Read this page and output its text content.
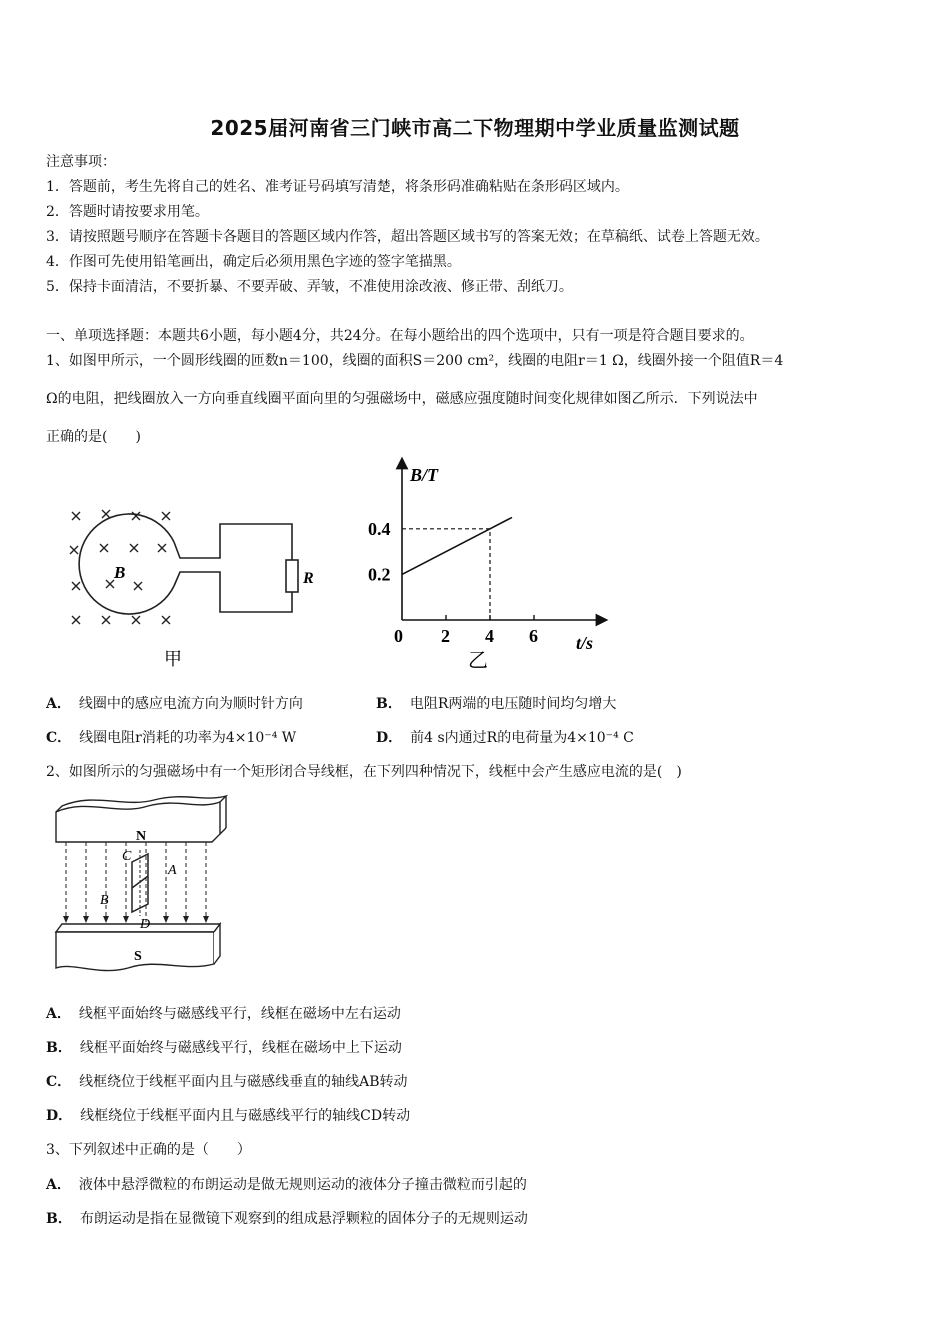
2025届河南省三门峡市高二下物理期中学业质量监测试题
注意事项：
1．答题前，考生先将自己的姓名、准考证号码填写清楚，将条形码准确粘贴在条形码区域内。
2．答题时请按要求用笔。
3．请按照题号顺序在答题卡各题目的答题区域内作答，超出答题区域书写的答案无效；在草稿纸、试卷上答题无效。
4．作图可先使用铅笔画出，确定后必须用黑色字迹的签字笔描黑。
5．保持卡面清洁，不要折暴、不要弄破、弄皱，不准使用涂改液、修正带、刮纸刀。
一、单项选择题：本题共6小题，每小题4分，共24分。在每小题给出的四个选项中，只有一项是符合题目要求的。
1、如图甲所示，一个圆形线圈的匝数n＝100，线圈的面积S＝200 cm²，线圈的电阻r＝1 Ω，线圈外接一个阻值R＝4
Ω的电阻，把线圈放入一方向垂直线圈平面向里的匀强磁场中，磁感应强度随时间变化规律如图乙所示．下列说法中
正确的是(　　)
B	R
甲
B/T
t/s
0 2 4 6
0.2
0.4
乙
A． 线圈中的感应电流方向为顺时针方向	B． 电阻R两端的电压随时间均匀增大
C． 线圈电阻r消耗的功率为4×10⁻⁴ W	D． 前4 s内通过R的电荷量为4×10⁻⁴ C
2、如图所示的匀强磁场中有一个矩形闭合导线框，在下列四种情况下，线框中会产生感应电流的是(　)
N
S
C
A
B
D
A． 线框平面始终与磁感线平行，线框在磁场中左右运动
B． 线框平面始终与磁感线平行，线框在磁场中上下运动
C． 线框绕位于线框平面内且与磁感线垂直的轴线AB转动
D． 线框绕位于线框平面内且与磁感线平行的轴线CD转动
3、下列叙述中正确的是（　　）
A． 液体中悬浮微粒的布朗运动是做无规则运动的液体分子撞击微粒而引起的
B． 布朗运动是指在显微镜下观察到的组成悬浮颗粒的固体分子的无规则运动
